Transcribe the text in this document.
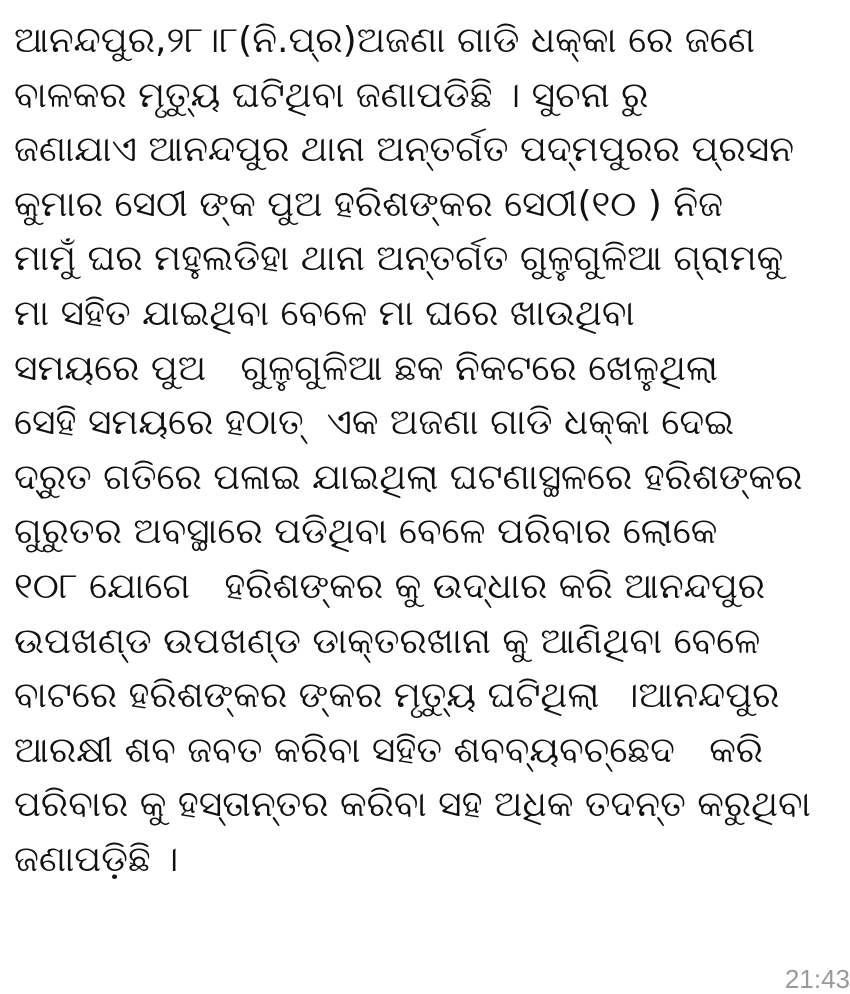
ଆନନ୍ଦପୁର,୨୮।୮(ନି.ପ୍ର)ଅଜଣା ଗାଡି ଧକ୍କା ରେ ଜଣେ
ବାଳକର ମୃତ୍ୟୁ ଘଟିଥିବା ଜଣାପଡିଛି । ସୁଚନା ରୁ
ଜଣାଯାଏ ଆନନ୍ଦପୁର ଥାନା ଅନ୍ତର୍ଗତ ପଦ୍ମପୁରର ପ୍ରସନ
କୁମାର ସେଠୀ ଙ୍କ ପୁଅ ହରିଶଙ୍କର ସେଠୀ(୧୦ ) ନିଜ
ମାମୁଁ ଘର ମହୁଲଡିହା ଥାନା ଅନ୍ତର୍ଗତ ଗୁଳୁଗୁଳିଆ ଗ୍ରାମକୁ
ମା ସହିତ ଯାଇଥିବା ବେଳେ ମା ଘରେ ଖାଉଥିବା
ସମୟରେ ପୁଅ   ଗୁଳୁଗୁଳିଆ ଛକ ନିକଟରେ ଖେଳୁଥିଲା
ସେହି ସମୟରେ ହଠାତ୍  ଏକ ଅଜଣା ଗାଡି ଧକ୍କା ଦେଇ
ଦ୍ରୁତ ଗତିରେ ପଳାଇ ଯାଇଥିଲା ଘଟଣାସ୍ଥଳରେ ହରିଶଙ୍କର
ଗୁରୁତର ଅବସ୍ଥାରେ ପଡିଥିବା ବେଳେ ପରିବାର ଲୋକେ
୧୦୮ ଯୋଗେ   ହରିଶଙ୍କର କୁ ଉଦ୍ଧାର କରି ଆନନ୍ଦପୁର
ଉପଖଣ୍ଡ ଉପଖଣ୍ଡ ଡାକ୍ତରଖାନା କୁ ଆଣିଥିବା ବେଳେ
ବାଟରେ ହରିଶଙ୍କର ଙ୍କର ମୃତ୍ୟୁ ଘଟିଥିଲା  ।ଆନନ୍ଦପୁର
ଆରକ୍ଷୀ ଶବ ଜବତ କରିବା ସହିତ ଶବବ୍ୟବଚ୍ଛେଦ   କରି
ପରିବାର କୁ ହସ୍ତାନ୍ତର କରିବା ସହ ଅଧିକ ତଦନ୍ତ କରୁଥିବା
ଜଣାପଡ଼ିଛି ।
21:43
